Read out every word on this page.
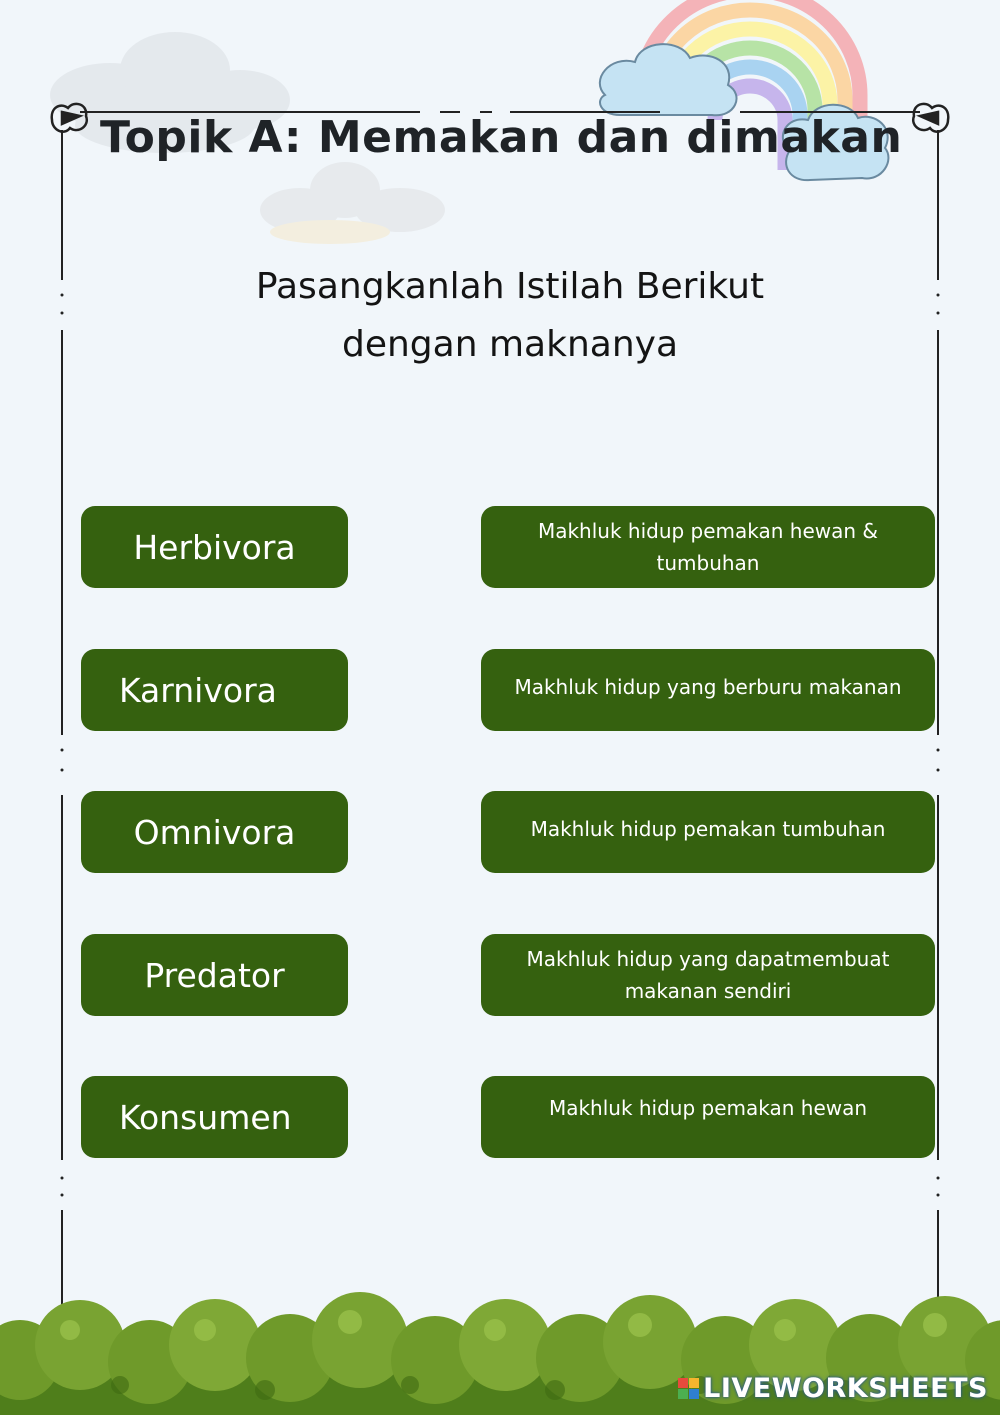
Topik A: Memakan dan dimakan
Pasangkanlah Istilah Berikut
dengan maknanya
Herbivora
Karnivora
Omnivora
Predator
Konsumen
Makhluk hidup pemakan hewan &
tumbuhan
Makhluk hidup yang berburu makanan
Makhluk hidup pemakan tumbuhan
Makhluk hidup yang dapatmembuat
makanan sendiri
Makhluk hidup pemakan hewan
LIVEWORKSHEETS
